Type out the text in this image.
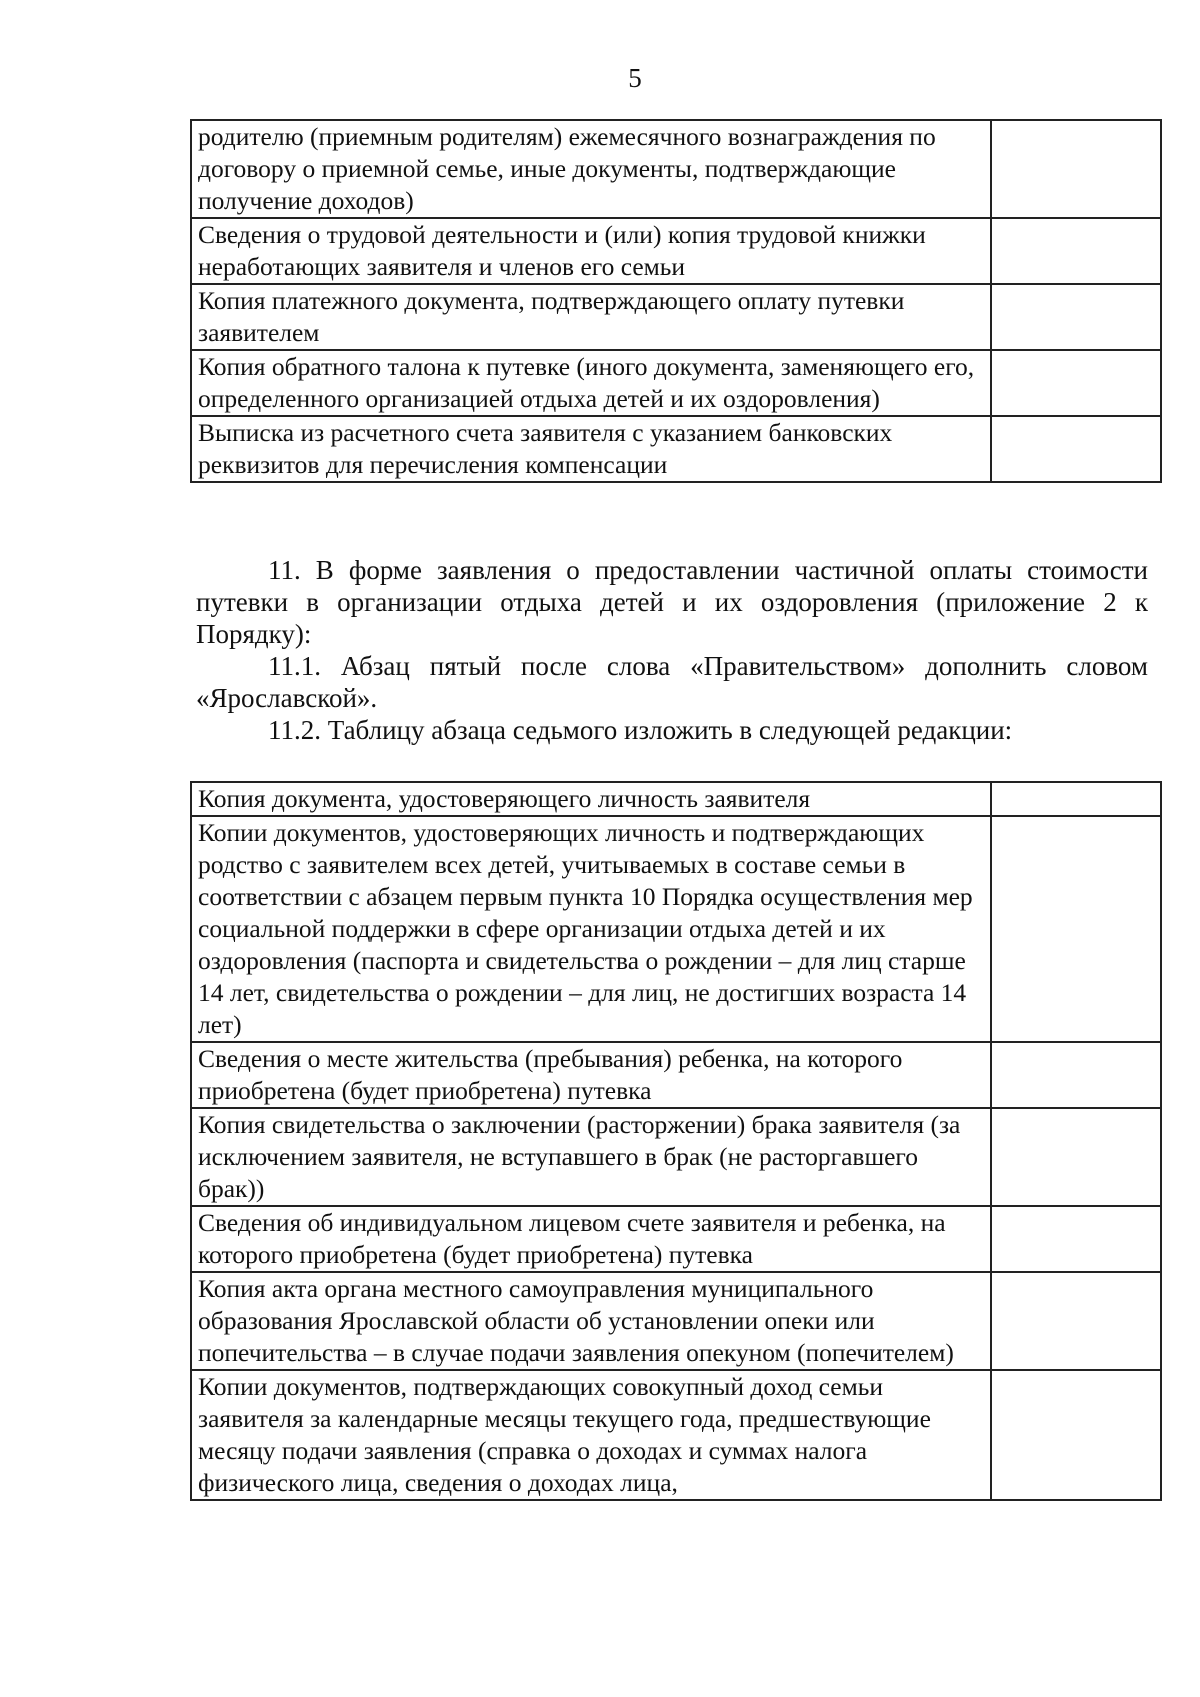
5
родителю (приемным родителям) ежемесячного вознаграждения по договору о приемной семье, иные документы, подтверждающие получение доходов)	
Сведения о трудовой деятельности и (или) копия трудовой книжки неработающих заявителя и членов его семьи	
Копия платежного документа, подтверждающего оплату путевки заявителем	
Копия обратного талона к путевке (иного документа, заменяющего его, определенного организацией отдыха детей и их оздоровления)	
Выписка из расчетного счета заявителя с указанием банковских реквизитов для перечисления компенсации	

11. В форме заявления о предоставлении частичной оплаты стоимости путевки в организации отдыха детей и их оздоровления (приложение 2 к Порядку):

11.1. Абзац пятый после слова «Правительством» дополнить словом «Ярославской».

11.2. Таблицу абзаца седьмого изложить в следующей редакции:

Копия документа, удостоверяющего личность заявителя	
Копии документов, удостоверяющих личность и подтверждающих родство с заявителем всех детей, учитываемых в составе семьи в соответствии с абзацем первым пункта 10 Порядка осуществления мер социальной поддержки в сфере организации отдыха детей и их оздоровления (паспорта и свидетельства о рождении – для лиц старше 14 лет, свидетельства о рождении – для лиц, не достигших возраста 14 лет)	
Сведения о месте жительства (пребывания) ребенка, на которого приобретена (будет приобретена) путевка	
Копия свидетельства о заключении (расторжении) брака заявителя (за исключением заявителя, не вступавшего в брак (не расторгавшего брак))	
Сведения об индивидуальном лицевом счете заявителя и ребенка, на которого приобретена (будет приобретена) путевка	
Копия акта органа местного самоуправления муниципального образования Ярославской области об установлении опеки или попечительства – в случае подачи заявления опекуном (попечителем)	
Копии документов, подтверждающих совокупный доход семьи заявителя за календарные месяцы текущего года, предшествующие месяцу подачи заявления (справка о доходах и суммах налога физического лица, сведения о доходах лица,	
